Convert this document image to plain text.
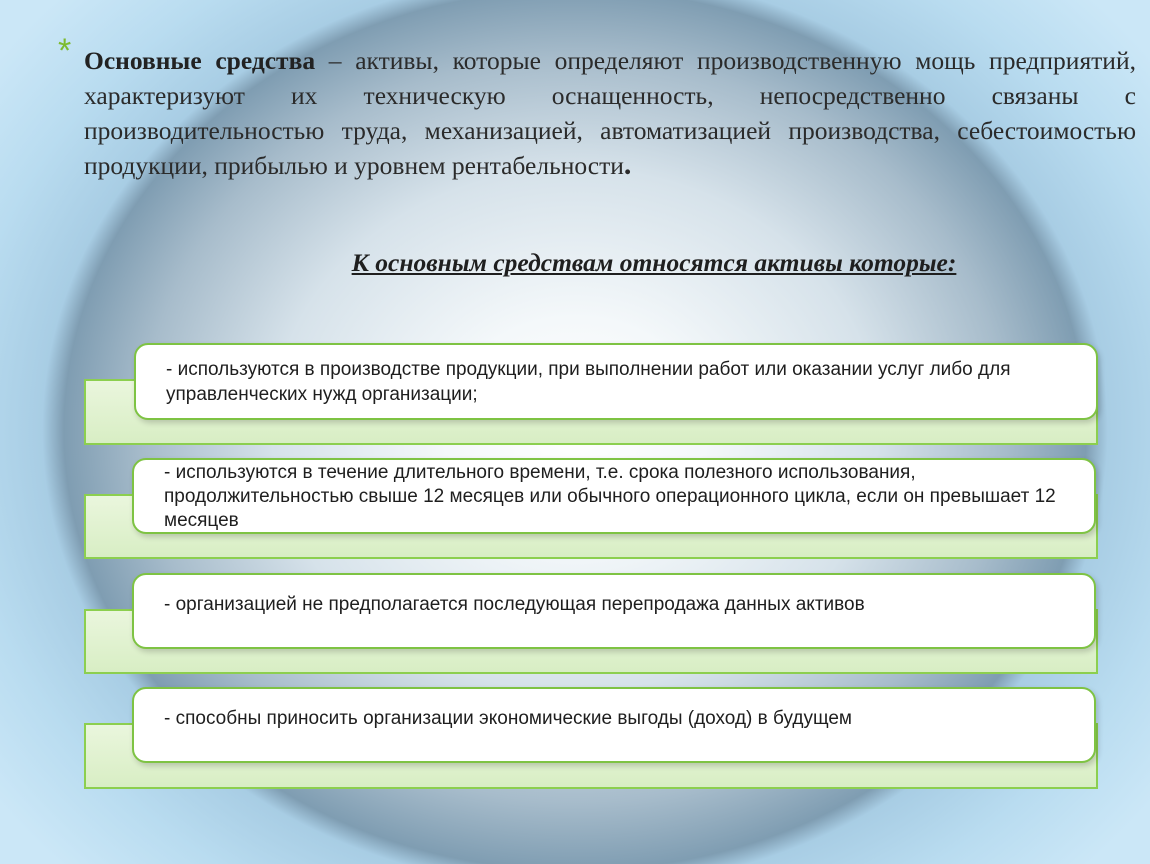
* Основные средства – активы, которые определяют производственную мощь предприятий, характеризуют их техническую оснащенность, непосредственно связаны с производительностью труда, механизацией, автоматизацией производства, себестоимостью продукции, прибылью и уровнем рентабельности.

К основным средствам относятся активы которые:

- используются в производстве продукции, при выполнении работ или оказании услуг либо для управленческих нужд организации;

- используются в течение длительного времени, т.е. срока полезного использования, продолжительностью свыше 12 месяцев или обычного операционного цикла, если он превышает 12 месяцев

- организацией не предполагается последующая перепродажа данных активов

- способны приносить организации экономические выгоды (доход) в будущем
